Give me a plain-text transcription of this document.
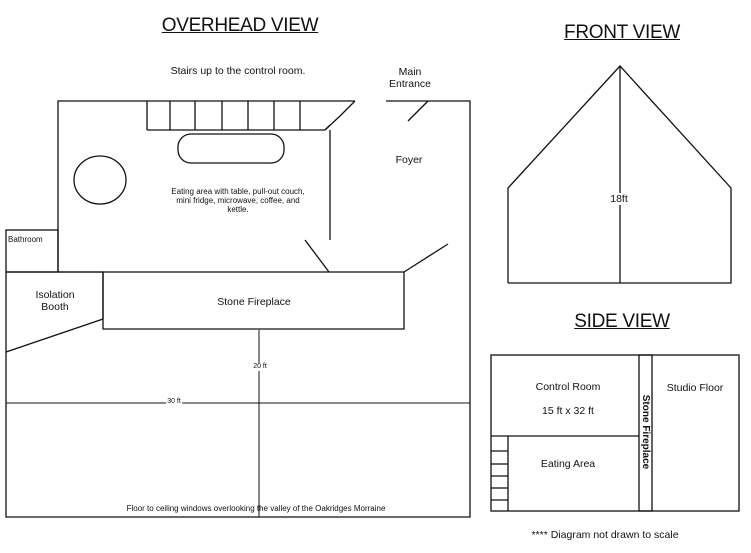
OVERHEAD VIEW	FRONT VIEW
SIDE VIEW
Stairs up to the control room.	Main
Entrance
Foyer
Eating area with table, pull-out couch,
mini fridge, microwave, coffee, and
kettle.
Bathroom
Isolation
Booth	Stone Fireplace
20 ft
30 ft
Floor to ceiling windows overlooking the valley of the Oakridges Morraine
18ft
Control Room
15 ft x 32 ft
Eating Area
Studio Floor
Stone Fireplace
**** Diagram not drawn to scale
